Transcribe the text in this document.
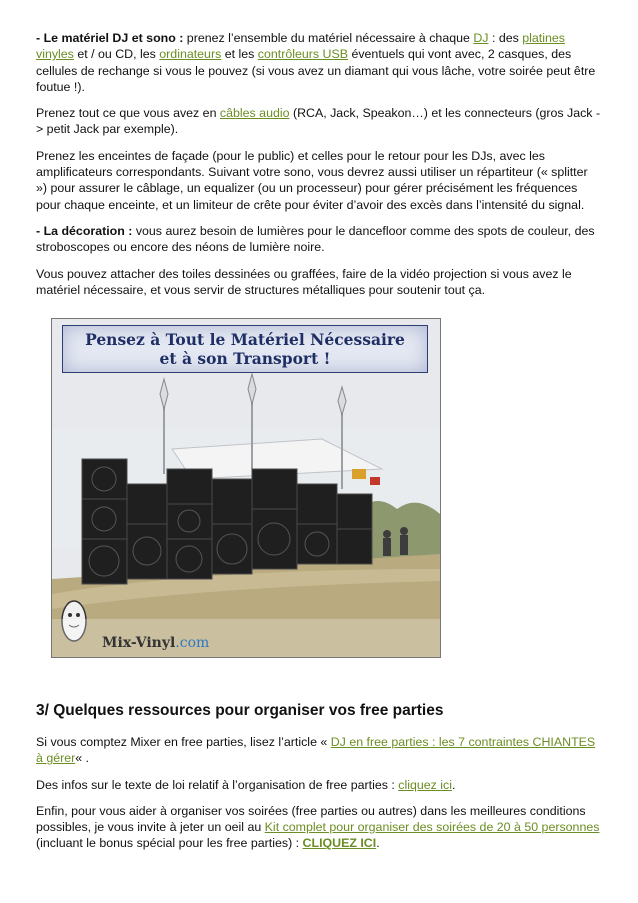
- Le matériel DJ et sono : prenez l’ensemble du matériel nécessaire à chaque DJ : des platines vinyles et / ou CD, les ordinateurs et les contrôleurs USB éventuels qui vont avec, 2 casques, des cellules de rechange si vous le pouvez (si vous avez un diamant qui vous lâche, votre soirée peut être foutue !).

Prenez tout ce que vous avez en câbles audio (RCA, Jack, Speakon…) et les connecteurs (gros Jack -> petit Jack par exemple).

Prenez les enceintes de façade (pour le public) et celles pour le retour pour les DJs, avec les amplificateurs correspondants. Suivant votre sono, vous devrez aussi utiliser un répartiteur (« splitter ») pour assurer le câblage, un equalizer (ou un processeur) pour gérer précisément les fréquences pour chaque enceinte, et un limiteur de crête pour éviter d’avoir des excès dans l’intensité du signal.

- La décoration : vous aurez besoin de lumières pour le dancefloor comme des spots de couleur, des stroboscopes ou encore des néons de lumière noire.

Vous pouvez attacher des toiles dessinées ou graffées, faire de la vidéo projection si vous avez le matériel nécessaire, et vous servir de structures métalliques pour soutenir tout ça.

Pensez à Tout le Matériel Nécessaire
et à son Transport !
Mix-Vinyl.com
3/ Quelques ressources pour organiser vos free parties

Si vous comptez Mixer en free parties, lisez l’article « DJ en free parties : les 7 contraintes CHIANTES à gérer« .

Des infos sur le texte de loi relatif à l’organisation de free parties : cliquez ici.

Enfin, pour vous aider à organiser vos soirées (free parties ou autres) dans les meilleures conditions possibles, je vous invite à jeter un oeil au Kit complet pour organiser des soirées de 20 à 50 personnes (incluant le bonus spécial pour les free parties) : CLIQUEZ ICI.
